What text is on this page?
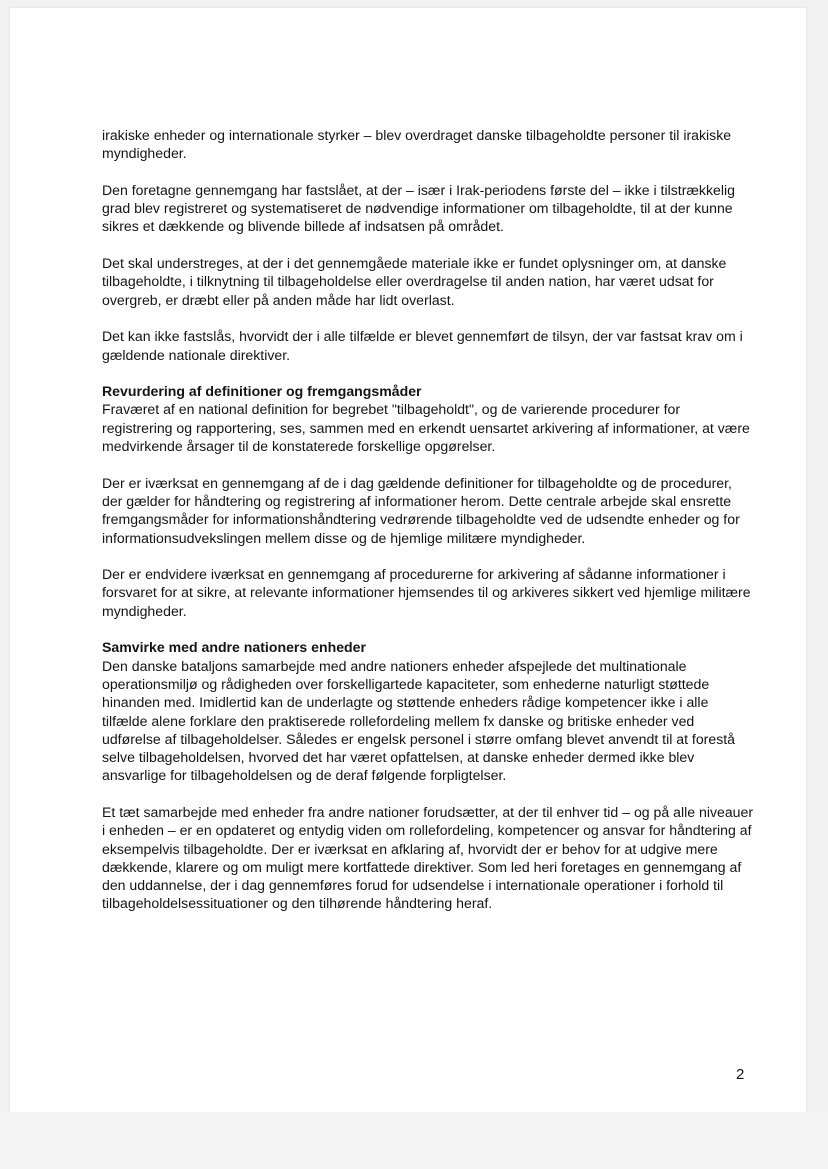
irakiske enheder og internationale styrker – blev overdraget danske tilbageholdte personer til irakiske myndigheder.

Den foretagne gennemgang har fastslået, at der – især i Irak-periodens første del – ikke i tilstrækkelig grad blev registreret og systematiseret de nødvendige informationer om tilbageholdte, til at der kunne sikres et dækkende og blivende billede af indsatsen på området.

Det skal understreges, at der i det gennemgåede materiale ikke er fundet oplysninger om, at danske tilbageholdte, i tilknytning til tilbageholdelse eller overdragelse til anden nation, har været udsat for overgreb, er dræbt eller på anden måde har lidt overlast.

Det kan ikke fastslås, hvorvidt der i alle tilfælde er blevet gennemført de tilsyn, der var fastsat krav om i gældende nationale direktiver.

Revurdering af definitioner og fremgangsmåder

Fraværet af en national definition for begrebet "tilbageholdt", og de varierende procedurer for registrering og rapportering, ses, sammen med en erkendt uensartet arkivering af informationer, at være medvirkende årsager til de konstaterede forskellige opgørelser.

Der er iværksat en gennemgang af de i dag gældende definitioner for tilbageholdte og de procedurer, der gælder for håndtering og registrering af informationer herom. Dette centrale arbejde skal ensrette fremgangsmåder for informationshåndtering vedrørende tilbageholdte ved de udsendte enheder og for informationsudvekslingen mellem disse og de hjemlige militære myndigheder.

Der er endvidere iværksat en gennemgang af procedurerne for arkivering af sådanne informationer i forsvaret for at sikre, at relevante informationer hjemsendes til og arkiveres sikkert ved hjemlige militære myndigheder.

Samvirke med andre nationers enheder

Den danske bataljons samarbejde med andre nationers enheder afspejlede det multinationale operationsmiljø og rådigheden over forskelligartede kapaciteter, som enhederne naturligt støttede hinanden med. Imidlertid kan de underlagte og støttende enheders rådige kompetencer ikke i alle tilfælde alene forklare den praktiserede rollefordeling mellem fx danske og britiske enheder ved udførelse af tilbageholdelser. Således er engelsk personel i større omfang blevet anvendt til at forestå selve tilbageholdelsen, hvorved det har været opfattelsen, at danske enheder dermed ikke blev ansvarlige for tilbageholdelsen og de deraf følgende forpligtelser.

Et tæt samarbejde med enheder fra andre nationer forudsætter, at der til enhver tid – og på alle niveauer i enheden – er en opdateret og entydig viden om rollefordeling, kompetencer og ansvar for håndtering af eksempelvis tilbageholdte. Der er iværksat en afklaring af, hvorvidt der er behov for at udgive mere dækkende, klarere og om muligt mere kortfattede direktiver. Som led heri foretages en gennemgang af den uddannelse, der i dag gennemføres forud for udsendelse i internationale operationer i forhold til tilbageholdelsessituationer og den tilhørende håndtering heraf.

2
